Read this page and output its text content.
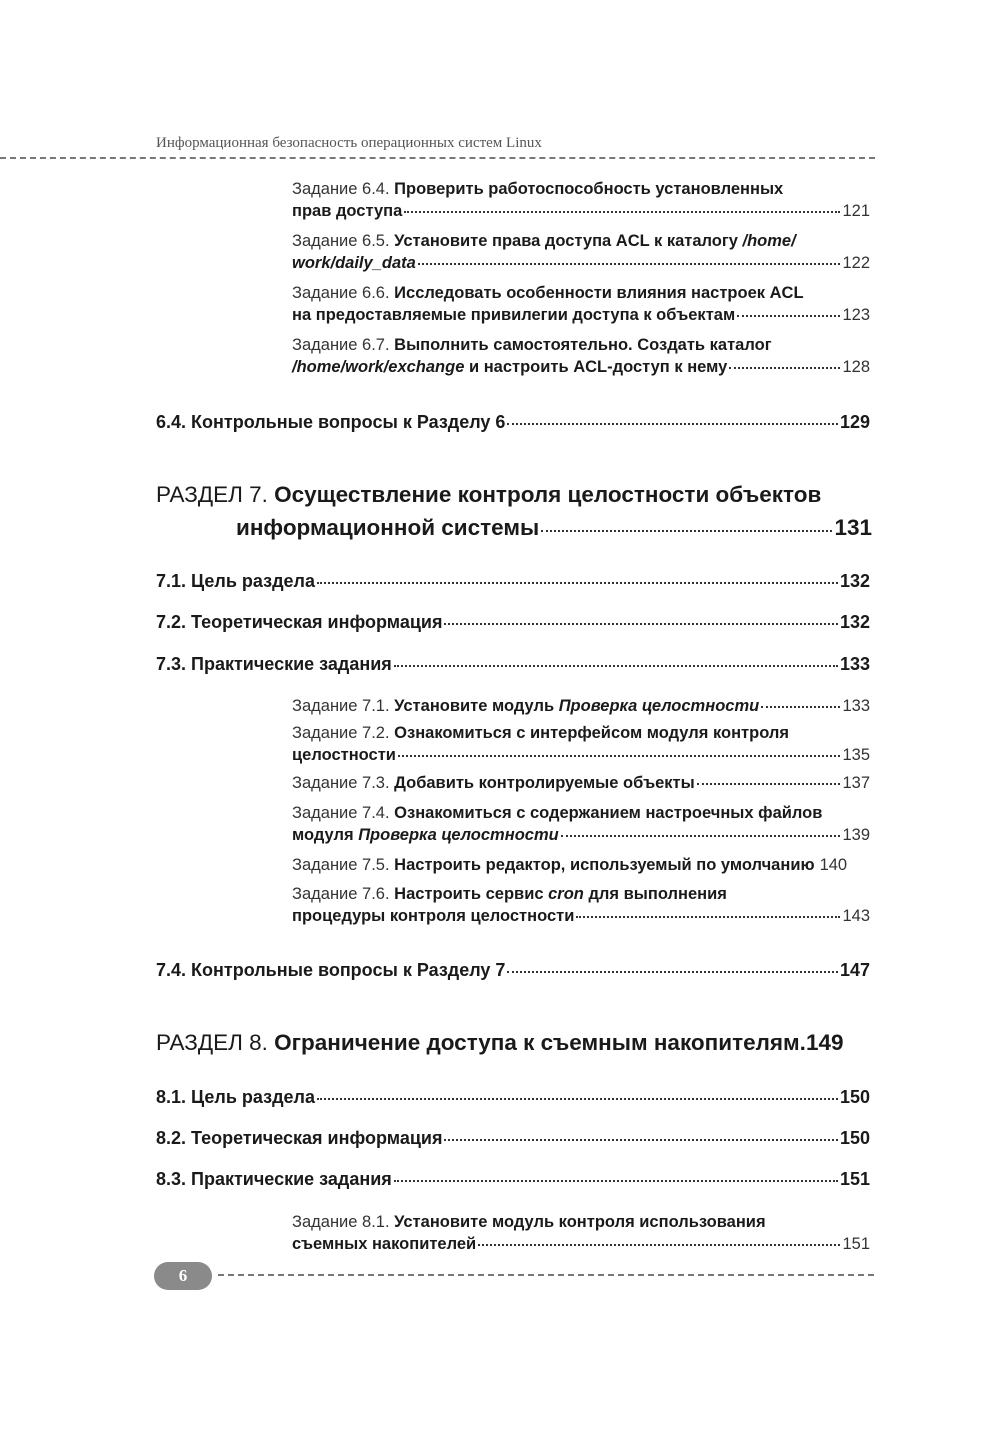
Информационная безопасность операционных систем Linux
Задание 6.4. Проверить работоспособность установленных
прав доступа	121
Задание 6.5. Установите права доступа ACL к каталогу /home/
work/daily_data	122
Задание 6.6. Исследовать особенности влияния настроек ACL
на предоставляемые привилегии доступа к объектам	123
Задание 6.7. Выполнить самостоятельно. Создать каталог
/home/work/exchange и настроить ACL-доступ к нему	128
6.4. Контрольные вопросы к Разделу 6	129
РАЗДЕЛ 7. Осуществление контроля целостности объектов
информационной системы	131
7.1. Цель раздела	132
7.2. Теоретическая информация	132
7.3. Практические задания	133
Задание 7.1. Установите модуль Проверка целостности	133
Задание 7.2. Ознакомиться с интерфейсом модуля контроля
целостности	135
Задание 7.3. Добавить контролируемые объекты	137
Задание 7.4. Ознакомиться с содержанием настроечных файлов
модуля Проверка целостности	139
Задание 7.5. Настроить редактор, используемый по умолчанию 140
Задание 7.6. Настроить сервис cron для выполнения
процедуры контроля целостности	143
7.4. Контрольные вопросы к Разделу 7	147
РАЗДЕЛ 8. Ограничение доступа к съемным накопителям.149
8.1. Цель раздела	150
8.2. Теоретическая информация	150
8.3. Практические задания	151
Задание 8.1. Установите модуль контроля использования
съемных накопителей	151
6
